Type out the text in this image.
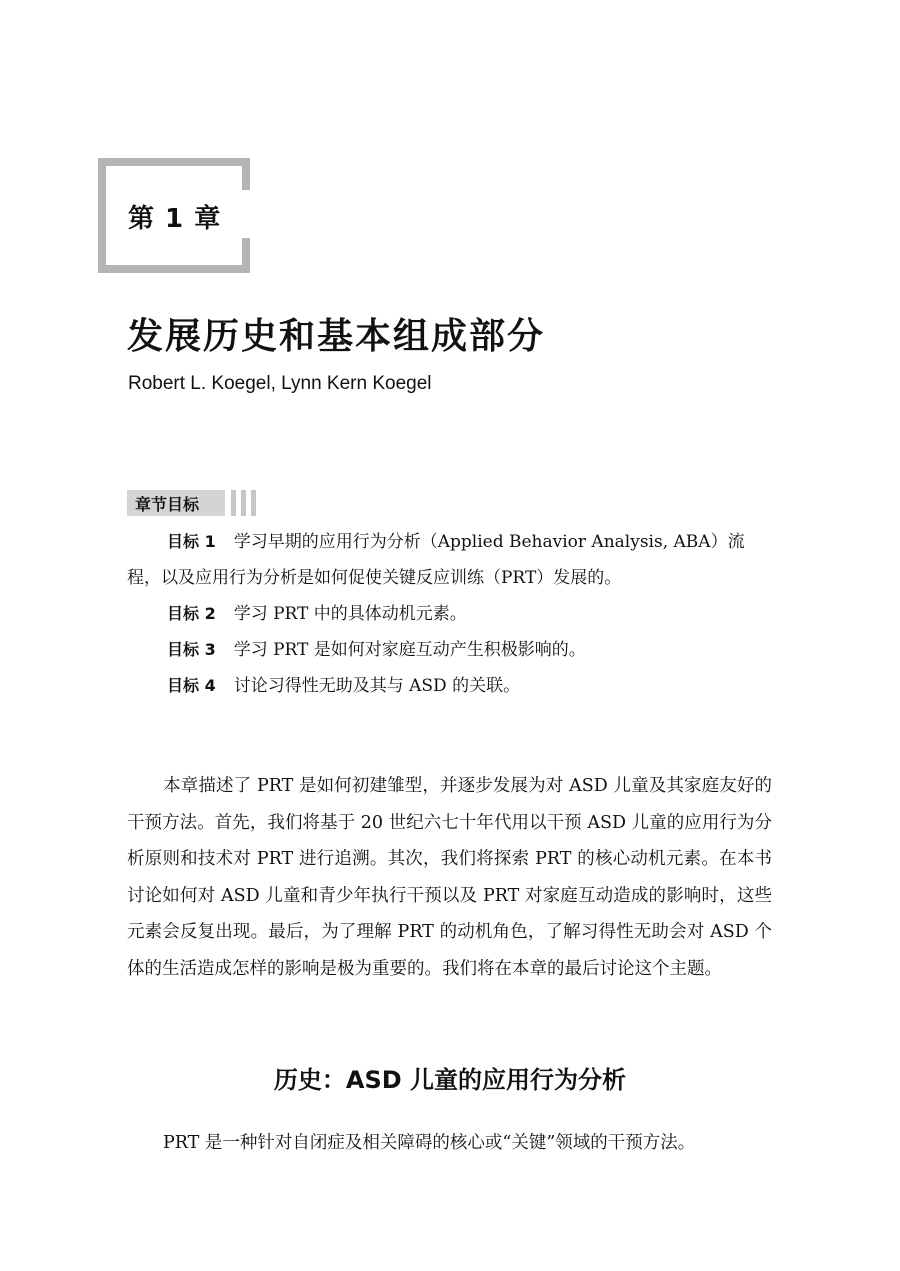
第 1 章
发展历史和基本组成部分
Robert L. Koegel, Lynn Kern Koegel
章节目标
目标 1 学习早期的应用行为分析（Applied Behavior Analysis, ABA）流程，以及应用行为分析是如何促使关键反应训练（PRT）发展的。
目标 2 学习 PRT 中的具体动机元素。
目标 3 学习 PRT 是如何对家庭互动产生积极影响的。
目标 4 讨论习得性无助及其与 ASD 的关联。

本章描述了 PRT 是如何初建雏型，并逐步发展为对 ASD 儿童及其家庭友好的干预方法。首先，我们将基于 20 世纪六七十年代用以干预 ASD 儿童的应用行为分析原则和技术对 PRT 进行追溯。其次，我们将探索 PRT 的核心动机元素。在本书讨论如何对 ASD 儿童和青少年执行干预以及 PRT 对家庭互动造成的影响时，这些元素会反复出现。最后，为了理解 PRT 的动机角色，了解习得性无助会对 ASD 个体的生活造成怎样的影响是极为重要的。我们将在本章的最后讨论这个主题。

历史：ASD 儿童的应用行为分析

PRT 是一种针对自闭症及相关障碍的核心或“关键”领域的干预方法。
